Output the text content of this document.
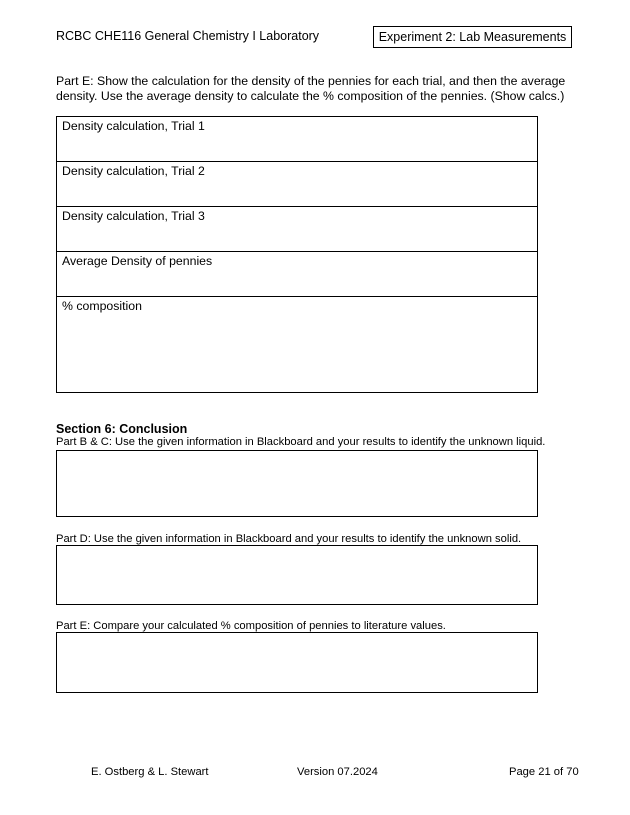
RCBC CHE116 General Chemistry I Laboratory	Experiment 2: Lab Measurements
Part E: Show the calculation for the density of the pennies for each trial, and then the average density. Use the average density to calculate the % composition of the pennies. (Show calcs.)
Density calculation, Trial 1
Density calculation, Trial 2
Density calculation, Trial 3
Average Density of pennies
% composition
Section 6: Conclusion
Part B & C: Use the given information in Blackboard and your results to identify the unknown liquid.
Part D: Use the given information in Blackboard and your results to identify the unknown solid.
Part E: Compare your calculated % composition of pennies to literature values.
E. Ostberg & L. Stewart	Version 07.2024	Page 21 of 70
